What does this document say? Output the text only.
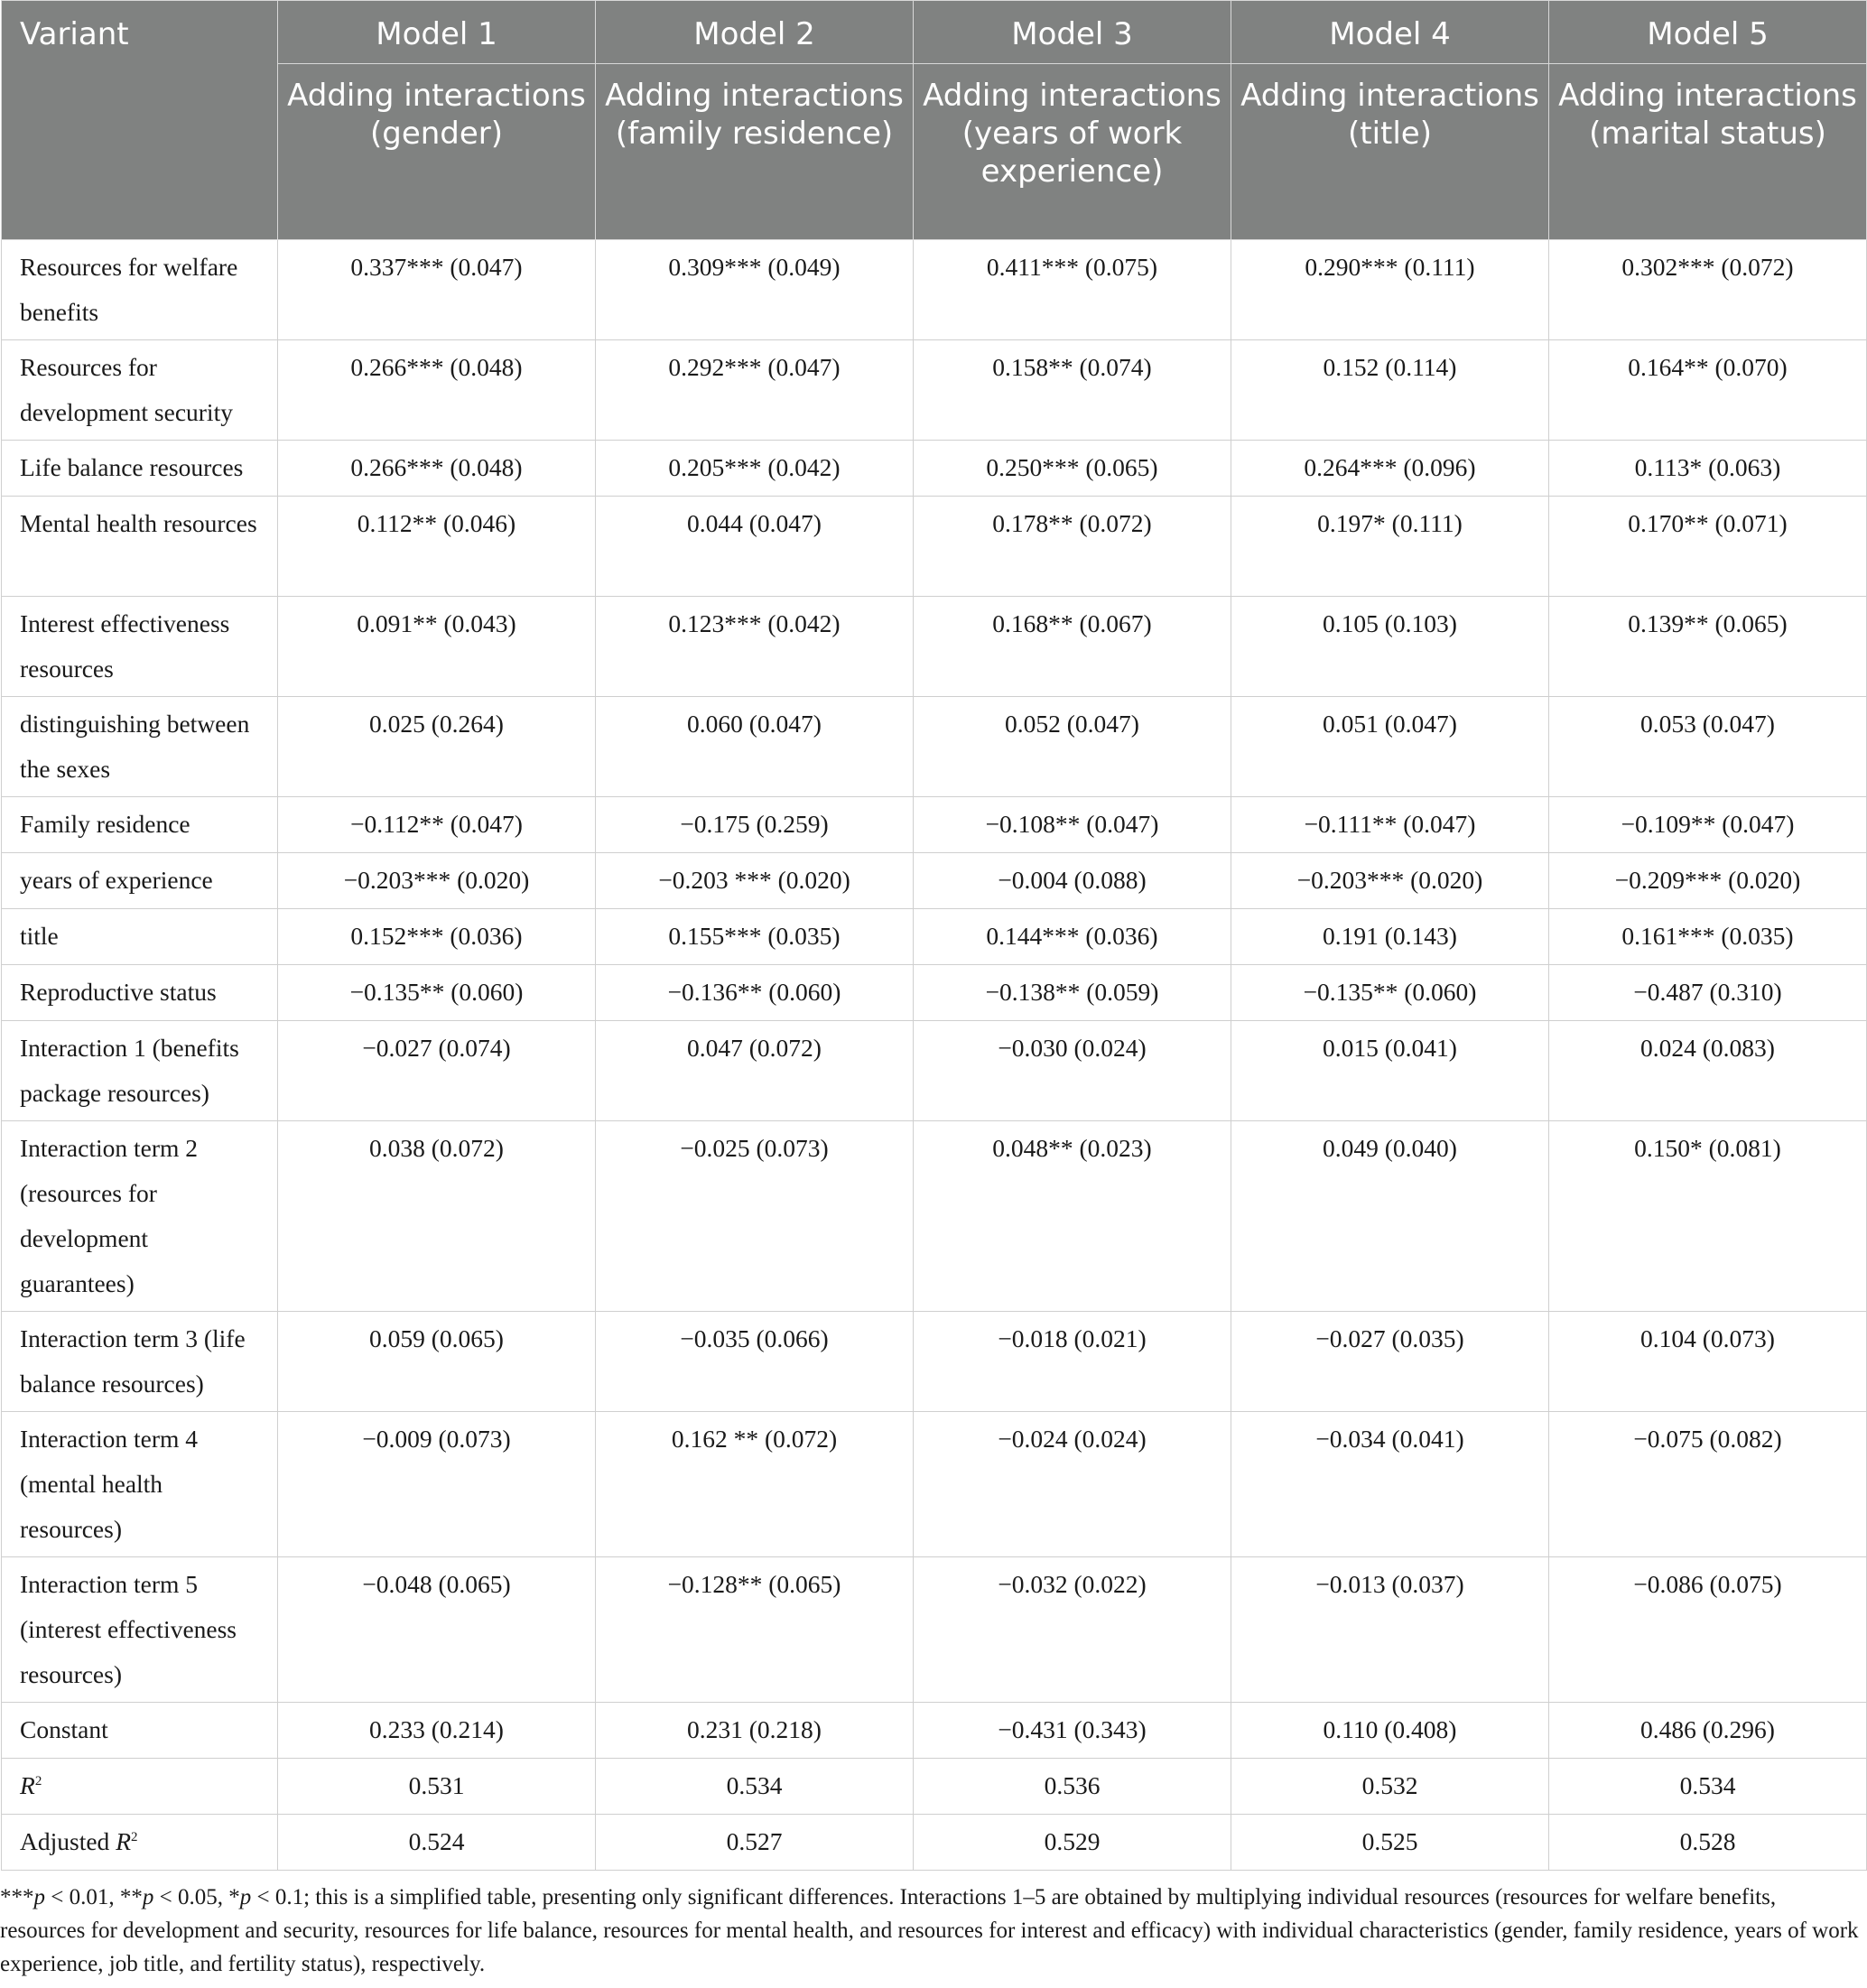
Variant	Model 1	Model 2	Model 3	Model 4	Model 5
	Adding interactions (gender)	Adding interactions (family residence)	Adding interactions (years of work experience)	Adding interactions (title)	Adding interactions (marital status)
Resources for welfare benefits	0.337*** (0.047)	0.309*** (0.049)	0.411*** (0.075)	0.290*** (0.111)	0.302*** (0.072)
Resources for development security	0.266*** (0.048)	0.292*** (0.047)	0.158** (0.074)	0.152 (0.114)	0.164** (0.070)
Life balance resources	0.266*** (0.048)	0.205*** (0.042)	0.250*** (0.065)	0.264*** (0.096)	0.113* (0.063)
Mental health resources	0.112** (0.046)	0.044 (0.047)	0.178** (0.072)	0.197* (0.111)	0.170** (0.071)
Interest effectiveness resources	0.091** (0.043)	0.123*** (0.042)	0.168** (0.067)	0.105 (0.103)	0.139** (0.065)
distinguishing between the sexes	0.025 (0.264)	0.060 (0.047)	0.052 (0.047)	0.051 (0.047)	0.053 (0.047)
Family residence	−0.112** (0.047)	−0.175 (0.259)	−0.108** (0.047)	−0.111** (0.047)	−0.109** (0.047)
years of experience	−0.203*** (0.020)	−0.203 *** (0.020)	−0.004 (0.088)	−0.203*** (0.020)	−0.209*** (0.020)
title	0.152*** (0.036)	0.155*** (0.035)	0.144*** (0.036)	0.191 (0.143)	0.161*** (0.035)
Reproductive status	−0.135** (0.060)	−0.136** (0.060)	−0.138** (0.059)	−0.135** (0.060)	−0.487 (0.310)
Interaction 1 (benefits package resources)	−0.027 (0.074)	0.047 (0.072)	−0.030 (0.024)	0.015 (0.041)	0.024 (0.083)
Interaction term 2 (resources for development guarantees)	0.038 (0.072)	−0.025 (0.073)	0.048** (0.023)	0.049 (0.040)	0.150* (0.081)
Interaction term 3 (life balance resources)	0.059 (0.065)	−0.035 (0.066)	−0.018 (0.021)	−0.027 (0.035)	0.104 (0.073)
Interaction term 4 (mental health resources)	−0.009 (0.073)	0.162 ** (0.072)	−0.024 (0.024)	−0.034 (0.041)	−0.075 (0.082)
Interaction term 5 (interest effectiveness resources)	−0.048 (0.065)	−0.128** (0.065)	−0.032 (0.022)	−0.013 (0.037)	−0.086 (0.075)
Constant	0.233 (0.214)	0.231 (0.218)	−0.431 (0.343)	0.110 (0.408)	0.486 (0.296)
$R^2$	0.531	0.534	0.536	0.532	0.534
Adjusted $R^2$	0.524	0.527	0.529	0.525	0.528
***p < 0.01, **p < 0.05, *p < 0.1; this is a simplified table, presenting only significant differences. Interactions 1–5 are obtained by multiplying individual resources (resources for welfare benefits, resources for development and security, resources for life balance, resources for mental health, and resources for interest and efficacy) with individual characteristics (gender, family residence, years of work experience, job title, and fertility status), respectively.
